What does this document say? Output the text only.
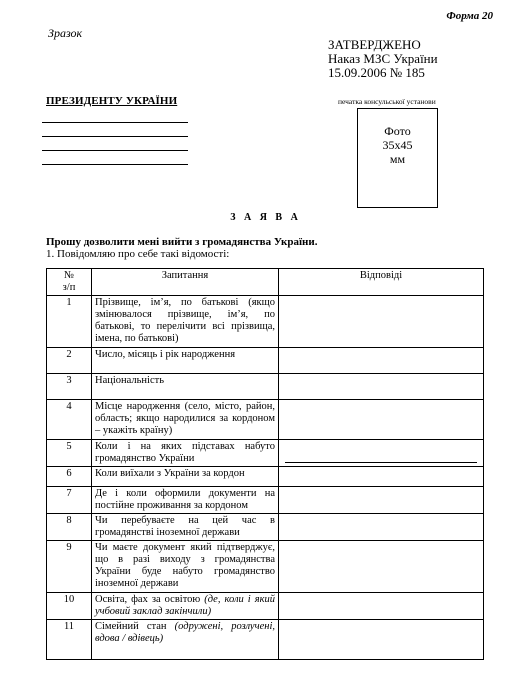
Форма 20
Зразок
ЗАТВЕРДЖЕНО
Наказ МЗС України
15.09.2006 № 185
ПРЕЗИДЕНТУ УКРАЇНИ	печатка консульської установи
Фото
35х45
мм
З А Я В А
Прошу дозволити мені вийти з громадянства України.
1. Повідомляю про себе такі відомості:
№
з/п	Запитання	Відповіді
1	Прізвище, ім’я, по батькові (якщо змінювалося прізвище, ім’я, по батькові, то перелічити всі прізвища, імена, по батькові)	
2	Число, місяць і рік народження	
3	Національність	
4	Місце народження (село, місто, район, область; якщо народилися за кордоном – укажіть країну)	
5	Коли і на яких підставах набуто громадянство України	

6	Коли виїхали з України за кордон	
7	Де і коли оформили документи на постійне проживання за кордоном	
8	Чи перебуваєте на цей час в громадянстві іноземної держави	
9	Чи маєте документ який підтверджує, що в разі виходу з громадянства України буде набуто громадянство іноземної держави	
10	Освіта, фах за освітою (де, коли і який учбовий заклад закінчили)	
11	Сімейний стан (одружені, розлучені, вдова / вдівець)	
